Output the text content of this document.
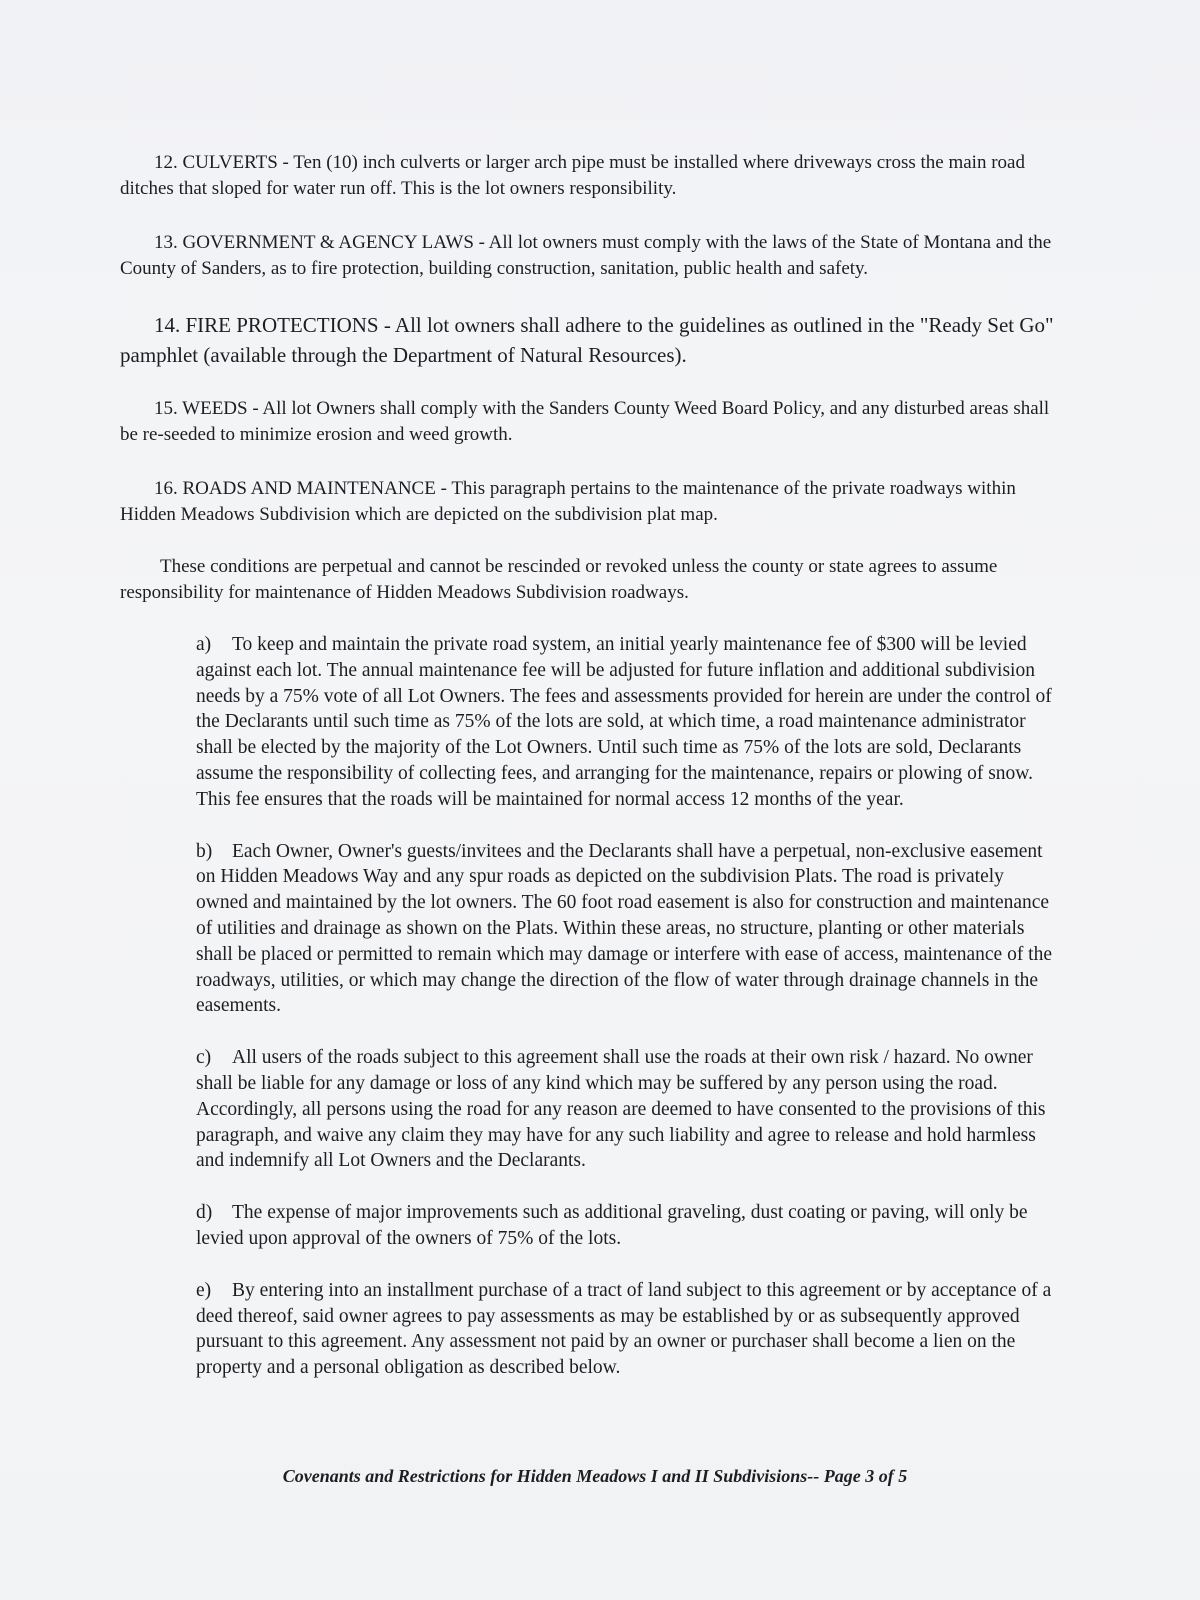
12. CULVERTS - Ten (10) inch culverts or larger arch pipe must be installed where driveways cross the main road ditches that sloped for water run off. This is the lot owners responsibility.

13. GOVERNMENT & AGENCY LAWS - All lot owners must comply with the laws of the State of Montana and the County of Sanders, as to fire protection, building construction, sanitation, public health and safety.

14. FIRE PROTECTIONS - All lot owners shall adhere to the guidelines as outlined in the "Ready Set Go" pamphlet (available through the Department of Natural Resources).

15. WEEDS - All lot Owners shall comply with the Sanders County Weed Board Policy, and any disturbed areas shall be re-seeded to minimize erosion and weed growth.

16. ROADS AND MAINTENANCE - This paragraph pertains to the maintenance of the private roadways within Hidden Meadows Subdivision which are depicted on the subdivision plat map.

These conditions are perpetual and cannot be rescinded or revoked unless the county or state agrees to assume responsibility for maintenance of Hidden Meadows Subdivision roadways.

a) To keep and maintain the private road system, an initial yearly maintenance fee of $300 will be levied against each lot. The annual maintenance fee will be adjusted for future inflation and additional subdivision needs by a 75% vote of all Lot Owners. The fees and assessments provided for herein are under the control of the Declarants until such time as 75% of the lots are sold, at which time, a road maintenance administrator shall be elected by the majority of the Lot Owners. Until such time as 75% of the lots are sold, Declarants assume the responsibility of collecting fees, and arranging for the maintenance, repairs or plowing of snow. This fee ensures that the roads will be maintained for normal access 12 months of the year.

b) Each Owner, Owner's guests/invitees and the Declarants shall have a perpetual, non-exclusive easement on Hidden Meadows Way and any spur roads as depicted on the subdivision Plats. The road is privately owned and maintained by the lot owners. The 60 foot road easement is also for construction and maintenance of utilities and drainage as shown on the Plats. Within these areas, no structure, planting or other materials shall be placed or permitted to remain which may damage or interfere with ease of access, maintenance of the roadways, utilities, or which may change the direction of the flow of water through drainage channels in the easements.

c) All users of the roads subject to this agreement shall use the roads at their own risk / hazard. No owner shall be liable for any damage or loss of any kind which may be suffered by any person using the road. Accordingly, all persons using the road for any reason are deemed to have consented to the provisions of this paragraph, and waive any claim they may have for any such liability and agree to release and hold harmless and indemnify all Lot Owners and the Declarants.

d) The expense of major improvements such as additional graveling, dust coating or paving, will only be levied upon approval of the owners of 75% of the lots.

e) By entering into an installment purchase of a tract of land subject to this agreement or by acceptance of a deed thereof, said owner agrees to pay assessments as may be established by or as subsequently approved pursuant to this agreement. Any assessment not paid by an owner or purchaser shall become a lien on the property and a personal obligation as described below.

Covenants and Restrictions for Hidden Meadows I and II Subdivisions-- Page 3 of 5
